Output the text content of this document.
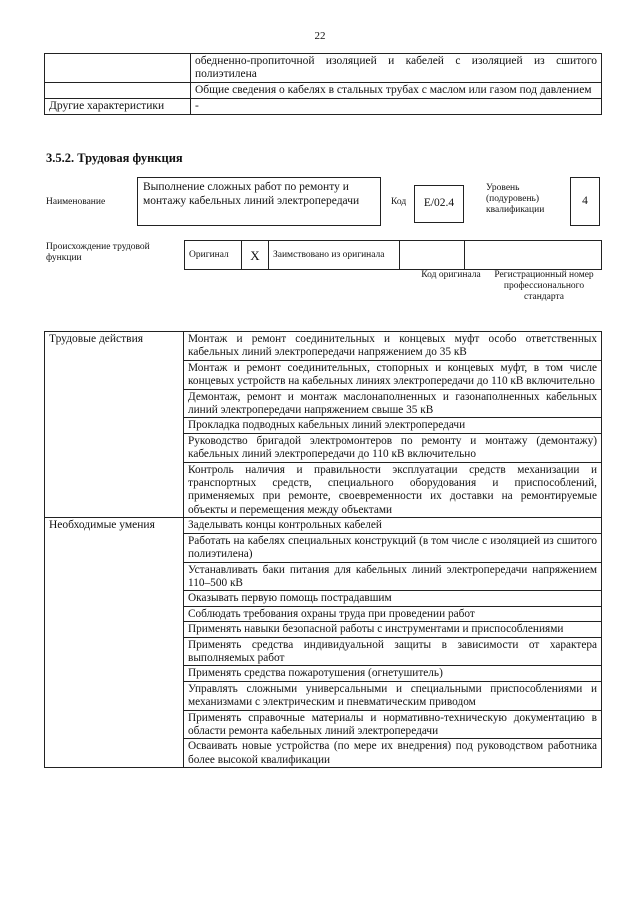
22
	обедненно-пропиточной изоляцией и кабелей с изоляцией из сшитого полиэтилена
	Общие сведения о кабелях в стальных трубах с маслом или газом под давлением
Другие характеристики	-
3.5.2. Трудовая функция
Наименование
Выполнение сложных работ по ремонту и монтажу кабельных линий электропередачи	Код	E/02.4
Уровень (подуровень) квалификации
4
Происхождение трудовой функции	Оригинал	X	Заимствовано из оригинала		
Код оригинала	Регистрационный номер профессионального стандарта
Трудовые действия	Монтаж и ремонт соединительных и концевых муфт особо ответственных кабельных линий электропередачи напряжением до 35 кВ
	Монтаж и ремонт соединительных, стопорных и концевых муфт, в том числе концевых устройств на кабельных линиях электропередачи до 110 кВ включительно
	Демонтаж, ремонт и монтаж маслонаполненных и газонаполненных кабельных линий электропередачи напряжением свыше 35 кВ
	Прокладка подводных кабельных линий электропередачи
	Руководство бригадой электромонтеров по ремонту и монтажу (демонтажу) кабельных линий электропередачи до 110 кВ включительно
	Контроль наличия и правильности эксплуатации средств механизации и транспортных средств, специального оборудования и приспособлений, применяемых при ремонте, своевременности их доставки на ремонтируемые объекты и перемещения между объектами
Необходимые умения	Заделывать концы контрольных кабелей
	Работать на кабелях специальных конструкций (в том числе с изоляцией из сшитого полиэтилена)
	Устанавливать баки питания для кабельных линий электропередачи напряжением 110–500 кВ
	Оказывать первую помощь пострадавшим
	Соблюдать требования охраны труда при проведении работ
	Применять навыки безопасной работы с инструментами и приспособлениями
	Применять средства индивидуальной защиты в зависимости от характера выполняемых работ
	Применять средства пожаротушения (огнетушитель)
	Управлять сложными универсальными и специальными приспособлениями и механизмами с электрическим и пневматическим приводом
	Применять справочные материалы и нормативно-техническую документацию в области ремонта кабельных линий электропередачи
	Осваивать новые устройства (по мере их внедрения) под руководством работника более высокой квалификации
